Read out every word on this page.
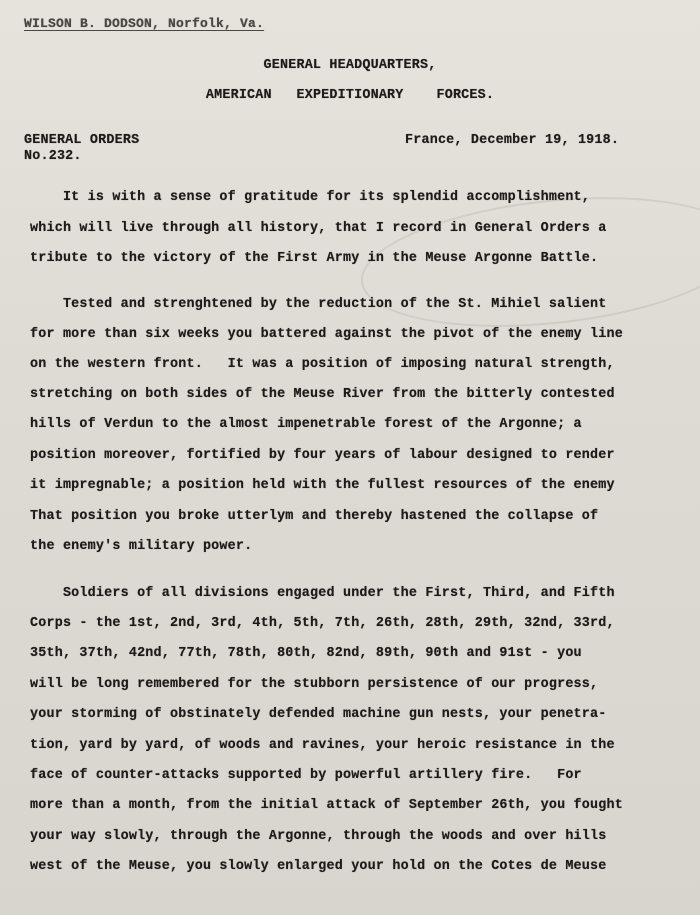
WILSON B. DODSON, Norfolk, Va.
GENERAL HEADQUARTERS,
AMERICAN   EXPEDITIONARY    FORCES.
GENERAL ORDERS
No.232.
France, December 19, 1918.
It is with a sense of gratitude for its splendid accomplishment,
which will live through all history, that I record in General Orders a
tribute to the victory of the First Army in the Meuse Argonne Battle.
Tested and strenghtened by the reduction of the St. Mihiel salient
for more than six weeks you battered against the pivot of the enemy line
on the western front.   It was a position of imposing natural strength,
stretching on both sides of the Meuse River from the bitterly contested
hills of Verdun to the almost impenetrable forest of the Argonne; a
position moreover, fortified by four years of labour designed to render
it impregnable; a position held with the fullest resources of the enemy
That position you broke utterlym and thereby hastened the collapse of
the enemy's military power.
Soldiers of all divisions engaged under the First, Third, and Fifth
Corps - the 1st, 2nd, 3rd, 4th, 5th, 7th, 26th, 28th, 29th, 32nd, 33rd,
35th, 37th, 42nd, 77th, 78th, 80th, 82nd, 89th, 90th and 91st - you
will be long remembered for the stubborn persistence of our progress,
your storming of obstinately defended machine gun nests, your penetra-
tion, yard by yard, of woods and ravines, your heroic resistance in the
face of counter-attacks supported by powerful artillery fire.   For
more than a month, from the initial attack of September 26th, you fought
your way slowly, through the Argonne, through the woods and over hills
west of the Meuse, you slowly enlarged your hold on the Cotes de Meuse
